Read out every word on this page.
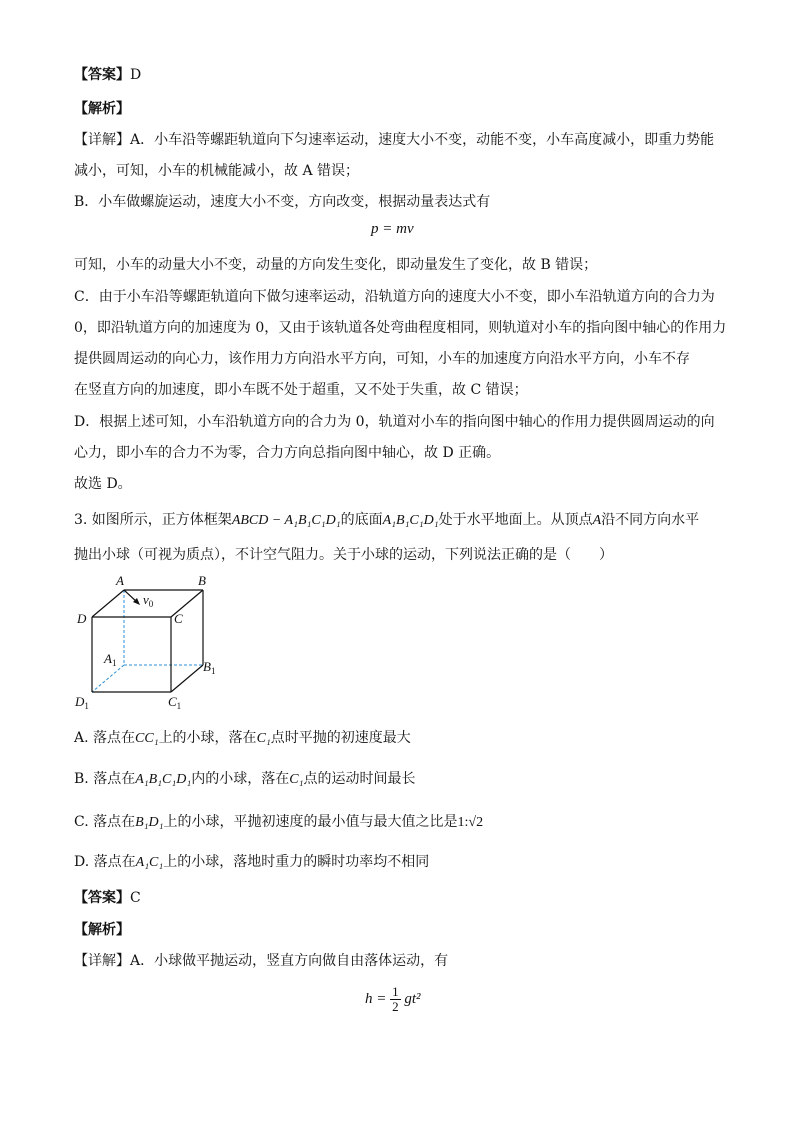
【答案】D
【解析】
【详解】A．小车沿等螺距轨道向下匀速率运动，速度大小不变，动能不变，小车高度减小，即重力势能
减小，可知，小车的机械能减小，故 A 错误；
B．小车做螺旋运动，速度大小不变，方向改变，根据动量表达式有
p = mv
可知，小车的动量大小不变，动量的方向发生变化，即动量发生了变化，故 B 错误；
C．由于小车沿等螺距轨道向下做匀速率运动，沿轨道方向的速度大小不变，即小车沿轨道方向的合力为
0，即沿轨道方向的加速度为 0，又由于该轨道各处弯曲程度相同，则轨道对小车的指向图中轴心的作用力
提供圆周运动的向心力，该作用力方向沿水平方向，可知，小车的加速度方向沿水平方向，小车不存
在竖直方向的加速度，即小车既不处于超重，又不处于失重，故 C 错误；
D．根据上述可知，小车沿轨道方向的合力为 0，轨道对小车的指向图中轴心的作用力提供圆周运动的向
心力，即小车的合力不为零，合力方向总指向图中轴心，故 D 正确。
故选 D。
3. 如图所示，正方体框架ABCD − A₁B₁C₁D₁的底面A₁B₁C₁D₁处于水平地面上。从顶点A沿不同方向水平
抛出小球（可视为质点），不计空气阻力。关于小球的运动，下列说法正确的是（　　）
A	B
D	C
$v_0$
$A_1$	$B_1$
$C_1$
$D_1$
A. 落点在CC₁上的小球，落在C₁点时平抛的初速度最大
B. 落点在A₁B₁C₁D₁内的小球，落在C₁点的运动时间最长
C. 落点在B₁D₁上的小球，平抛初速度的最小值与最大值之比是1:√2
D. 落点在A₁C₁上的小球，落地时重力的瞬时功率均不相同
【答案】C
【解析】
【详解】A．小球做平抛运动，竖直方向做自由落体运动，有
$h = \frac{1}{2} gt^2$
